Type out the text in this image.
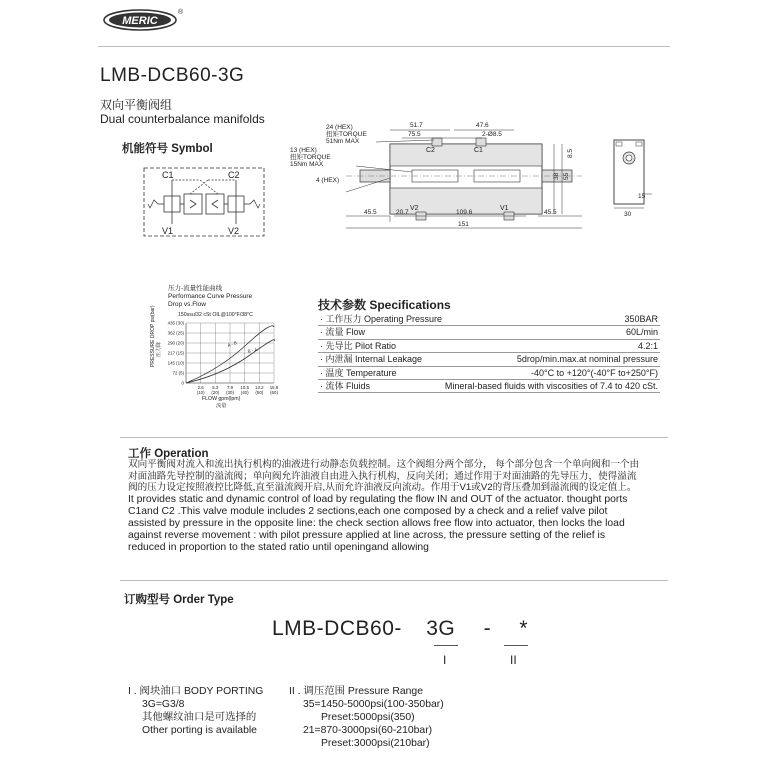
MERIC
®
LMB-DCB60-3G
双向平衡阀组
Dual counterbalance manifolds
机能符号 Symbol
C1	C2
V1	V2
24 (HEX)
扭矩TORQUE
51Nm MAX
13 (HEX)
扭矩TORQUE
15Nm MAX
4 (HEX)
51.7	47.6
75.5	2-Ø8.5
C2	C1
V2	V1
45.5	20.7	109.6	45.5
151
8.5
38 55
15
30
压力-流量性能曲线
Performance Curve Pressure
Drop vs.Flow
150ssu/32 cSt OIL@100°F/38°C
PRESSURE DROP psi(bar) 压力降
435 (30)
362 (25)
290 (20)
217 (15)
145 (10)
72 (5)
0
2.6
(10)
5.3
(20)
7.9
(30)
10.5
(40)
13.2
(50)
15.8
(60)
A - B
B - A
FLOW gpm(lpm)
流量
技术参数 Specifications
· 工作压力 Operating Pressure	350BAR
· 流量 Flow	60L/min
· 先导比 Pilot Ratio	4.2:1
· 内泄漏 Internal Leakage	5drop/min.max.at nominal pressure
· 温度 Temperature	-40°C to +120°(-40°F to+250°F)
· 流体 Fluids	Mineral-based fluids with viscosities of 7.4 to 420 cSt.
工作 Operation

双向平衡阀对流入和流出执行机构的油液进行动静态负载控制。这个阀组分两个部分， 每个部分包含一个单向阀和一个由

对面油路先导控制的溢流阀；单向阀允许油液自由进入执行机构，反向关闭；通过作用于对面油路的先导压力，使得溢流

阀的压力设定按照液控比降低,直至溢流阀开启,从而允许油液反向流动。作用于V1或V2的背压叠加到溢流阀的设定值上。

It provides static and dynamic control of load by regulating the flow IN and OUT of the actuator. thought ports

C1and C2 .This valve module includes 2 sections,each one composed by a check and a relief valve pilot

assisted by pressure in the opposite line: the check section allows free flow into actuator, then locks the load

against reverse movement : with pilot pressure applied at line across, the pressure setting of the relief is

reduced in proportion to the stated ratio until openingand allowing

订购型号 Order Type
LMB-DCB60- 3G - *
I	II
I . 阀块油口 BODY PORTING
3G=G3/8
其他螺纹油口是可选择的
Other porting is available
II . 调压范围 Pressure Range
35=1450-5000psi(100-350bar)
Preset:5000psi(350)
21=870-3000psi(60-210bar)
Preset:3000psi(210bar)
